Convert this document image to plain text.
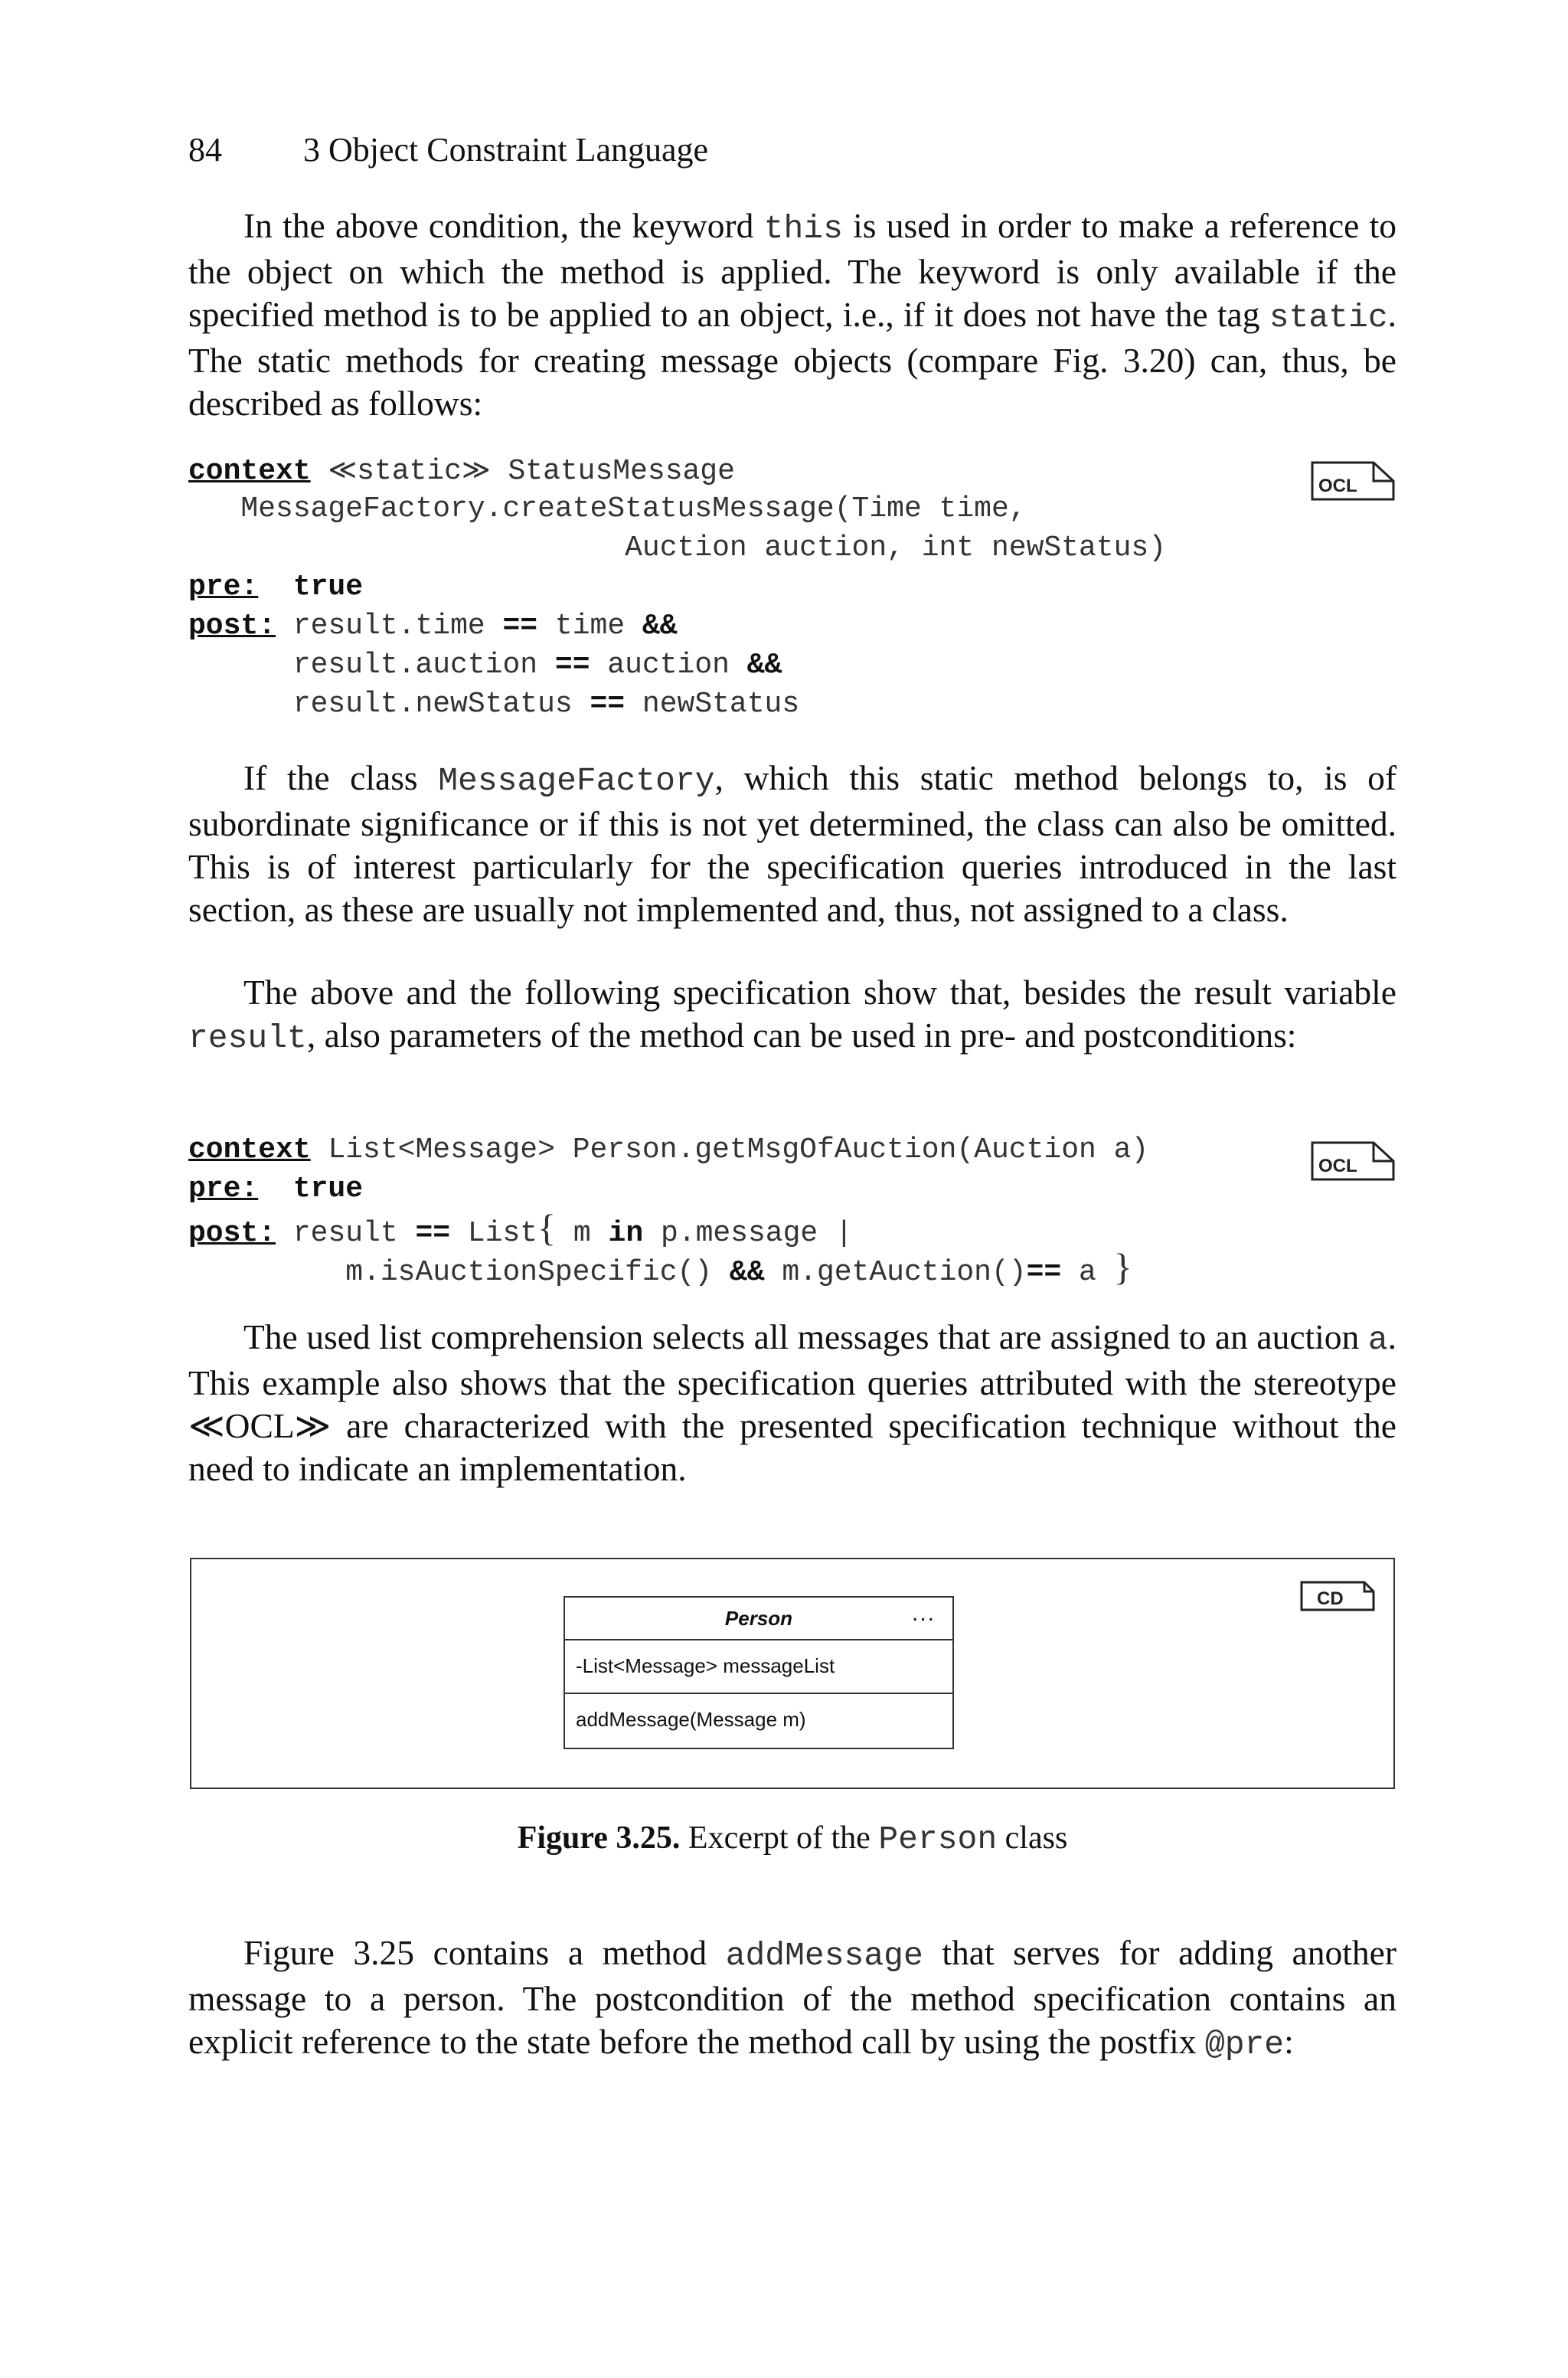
84 3 Object Constraint Language

In the above condition, the keyword this is used in order to make a reference to the object on which the method is applied. The keyword is only available if the specified method is to be applied to an object, i.e., if it does not have the tag static. The static methods for creating message objects (compare Fig. 3.20) can, thus, be described as follows:

context ≪static≫ StatusMessage
MessageFactory.createStatusMessage(Time time,
Auction auction, int newStatus)
pre: true
post: result.time == time &&
result.auction == auction &&
result.newStatus == newStatus
OCL

If the class MessageFactory, which this static method belongs to, is of subordinate significance or if this is not yet determined, the class can also be omitted. This is of interest particularly for the specification queries introduced in the last section, as these are usually not implemented and, thus, not assigned to a class.

The above and the following specification show that, besides the result variable result, also parameters of the method can be used in pre- and postconditions:

context List<Message> Person.getMsgOfAuction(Auction a)
pre: true
post: result == List{ m in p.message |
m.isAuctionSpecific() && m.getAuction()== a }
OCL

The used list comprehension selects all messages that are assigned to an auction a. This example also shows that the specification queries attributed with the stereotype ≪OCL≫ are characterized with the presented specification technique without the need to indicate an implementation.

Person	...
-List<Message> messageList
addMessage(Message m)
CD
Figure 3.25. Excerpt of the Person class

Figure 3.25 contains a method addMessage that serves for adding another message to a person. The postcondition of the method specification contains an explicit reference to the state before the method call by using the postfix @pre:
